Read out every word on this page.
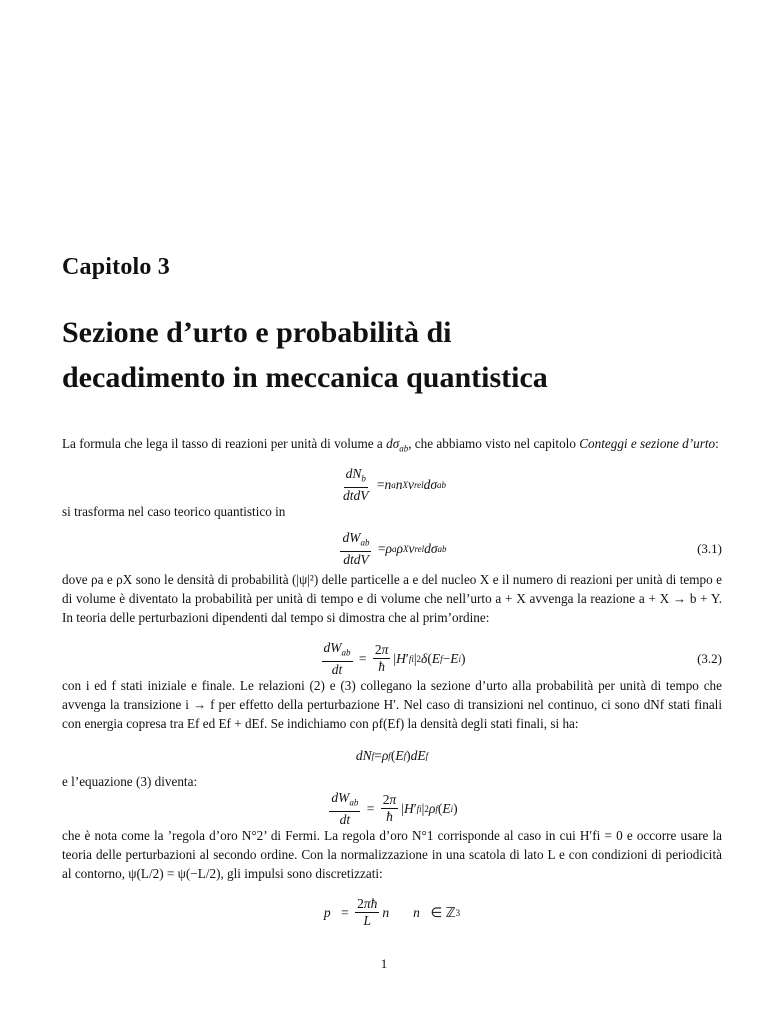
Capitolo 3
Sezione d’urto e probabilità di
decadimento in meccanica quantistica

La formula che lega il tasso di reazioni per unità di volume a $d\sigma_{ab}$, che abbiamo visto nel capitolo Conteggi e sezione d’urto:

$\frac{dN_b}{\text{dtdV}} = n$ a n X v rel dσ ab

si trasforma nel caso teorico quantistico in

$\frac{dW_{ab}}{\text{dtdV}} = \rho$ a ρ X v rel dσ ab	(3.1)

dove ρa e ρX sono le densità di probabilità (|ψ|²) delle particelle a e del nucleo X e il numero di reazioni per unità di tempo e di volume è diventato la probabilità per unità di tempo e di volume che nell’urto a + X avvenga la reazione a + X → b + Y. In teoria delle perturbazioni dipendenti dal tempo si dimostra che al prim’ordine:

$\frac{dW_{ab}}{dt} = \frac{2\pi}{ħ}$ | H ′ fi | 2 δ ( E f − E i )	(3.2)

con i ed f stati iniziale e finale. Le relazioni (2) e (3) collegano la sezione d’urto alla probabilità per unità di tempo che avvenga la transizione i → f per effetto della perturbazione H′. Nel caso di transizioni nel continuo, ci sono dNf stati finali con energia copresa tra Ef ed Ef + dEf. Se indichiamo con ρf(Ef) la densità degli stati finali, si ha:

dN f = ρ f ( E f ) dE f

e l’equazione (3) diventa:

$\frac{dW_{ab}}{dt} = \frac{2\pi}{ħ}$ | H ′ fi | 2 ρ f ( E i )

che è nota come la ’regola d’oro N°2’ di Fermi. La regola d’oro N°1 corrisponde al caso in cui H′fi = 0 e occorre usare la teoria delle perturbazioni al secondo ordine. Con la normalizzazione in una scatola di lato L e con condizioni di periodicità al contorno, ψ(L/2) = ψ(−L/2), gli impulsi sono discretizzati:

p⃗ = $\frac{2\pi ħ}{L}$ n⃗
n⃗ ∈ ℤ 3
1
